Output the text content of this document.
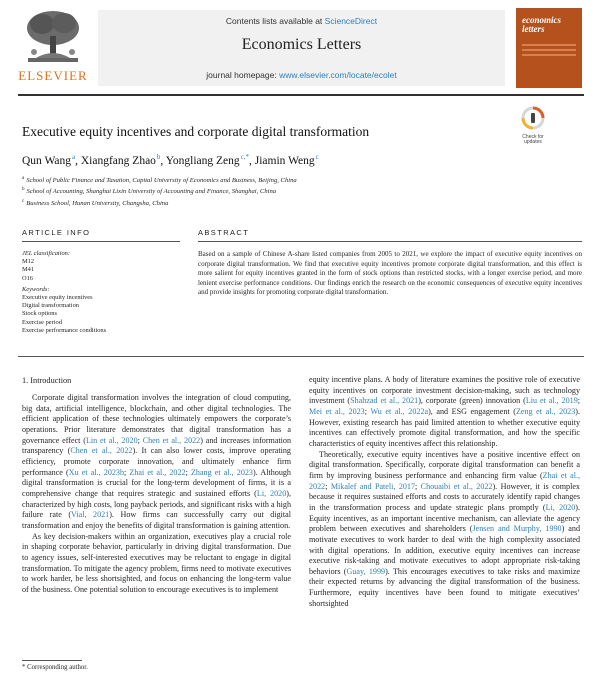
ELSEVIER
Contents lists available at ScienceDirect
Economics Letters
journal homepage: www.elsevier.com/locate/ecolet
economics
letters
Executive equity incentives and corporate digital transformation	Check for
updates
Qun Wang$^a$, Xiangfang Zhao$^b$, Yongliang Zeng$^{c,*}$, Jiamin Weng$^c$
$^a$ School of Public Finance and Taxation, Capital University of Economics and Business, Beijing, China
$^b$ School of Accounting, Shanghai Lixin University of Accounting and Finance, Shanghai, China
$^c$ Business School, Hunan University, Changsha, China
ARTICLE INFO	ABSTRACT
JEL classification:
M12
M41
O16
Keywords:
Executive equity incentives
Digital transformation
Stock options
Exercise period
Exercise performance conditions
Based on a sample of Chinese A-share listed companies from 2005 to 2021, we explore the impact of executive equity incentives on corporate digital transformation. We find that executive equity incentives promote corporate digital transformation, and this effect is more salient for equity incentives granted in the form of stock options than restricted stocks, with a longer exercise period, and more lenient exercise performance conditions. Our findings enrich the research on the economic consequences of executive equity incentives and provide insights for promoting corporate digital transformation.
1. Introduction

Corporate digital transformation involves the integration of cloud computing, big data, artificial intelligence, blockchain, and other digital technologies. The efficient application of these technologies ultimately empowers the corporate’s operations. Prior literature demonstrates that digital transformation has a governance effect (Lin et al., 2020; Chen et al., 2022) and increases information transparency (Chen et al., 2022). It can also lower costs, improve operating efficiency, promote corporate innovation, and ultimately enhance firm performance (Xu et al., 2023b; Zhai et al., 2022; Zhang et al., 2023). Although digital transformation is crucial for the long-term development of firms, it is a comprehensive change that requires strategic and sustained efforts (Li, 2020), characterized by high costs, long payback periods, and significant risks with a high failure rate (Vial, 2021). How firms can successfully carry out digital transformation and enjoy the benefits of digital transformation is gaining attention.

As key decision-makers within an organization, executives play a crucial role in shaping corporate behavior, particularly in driving digital transformation. Due to agency issues, self-interested executives may be reluctant to engage in digital transformation. To mitigate the agency problem, firms need to motivate executives to work harder, be less shortsighted, and focus on enhancing the long-term value of the business. One potential solution to encourage executives is to implement

equity incentive plans. A body of literature examines the positive role of executive equity incentives on corporate investment decision-making, such as technology investment (Shahzad et al., 2021), corporate (green) innovation (Liu et al., 2019; Mei et al., 2023; Wu et al., 2022a), and ESG engagement (Zeng et al., 2023). However, existing research has paid limited attention to whether executive equity incentives can effectively promote digital transformation, and how the specific characteristics of equity incentives affect this relationship.

Theoretically, executive equity incentives have a positive incentive effect on digital transformation. Specifically, corporate digital transformation can benefit a firm by improving business performance and enhancing firm value (Zhai et al., 2022; Mikalef and Pateli, 2017; Chouaibi et al., 2022). However, it is complex because it requires sustained efforts and costs to accurately identify rapid changes in the transformation process and update strategic plans promptly (Li, 2020). Equity incentives, as an important incentive mechanism, can alleviate the agency problem between executives and shareholders (Jensen and Murphy, 1990) and motivate executives to work harder to deal with the high complexity associated with digital operations. In addition, executive equity incentives can increase executive risk-taking and motivate executives to adopt appropriate risk-taking behaviors (Guay, 1999). This encourages executives to take risks and maximize their expected returns by advancing the digital transformation of the business. Furthermore, equity incentives have been found to mitigate executives’ shortsighted

* Corresponding author.
